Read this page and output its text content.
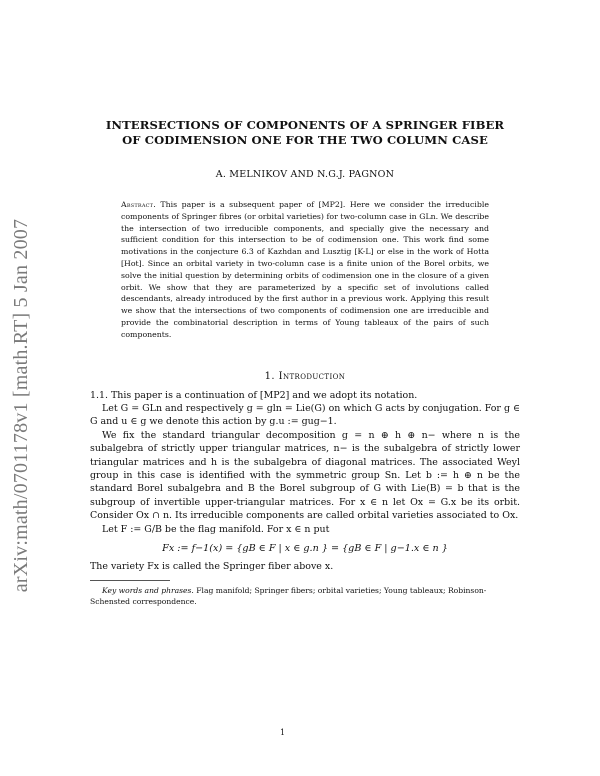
arXiv:math/0701178v1 [math.RT] 5 Jan 2007
INTERSECTIONS OF COMPONENTS OF A SPRINGER FIBER
OF CODIMENSION ONE FOR THE TWO COLUMN CASE
A. MELNIKOV AND N.G.J. PAGNON
Abstract. This paper is a subsequent paper of [MP2]. Here we consider the irreducible components of Springer fibres (or orbital varieties) for two-column case in GLn. We describe the intersection of two irreducible components, and specially give the necessary and sufficient condition for this intersection to be of codimension one. This work find some motivations in the conjecture 6.3 of Kazhdan and Lusztig [K-L] or else in the work of Hotta [Hot]. Since an orbital variety in two-column case is a finite union of the Borel orbits, we solve the initial question by determining orbits of codimension one in the closure of a given orbit. We show that they are parameterized by a specific set of involutions called descendants, already introduced by the first author in a previous work. Applying this result we show that the intersections of two components of codimension one are irreducible and provide the combinatorial description in terms of Young tableaux of the pairs of such components.
1. Introduction

1.1. This paper is a continuation of [MP2] and we adopt its notation.

Let G = GLn and respectively g = gln = Lie(G) on which G acts by conjugation. For g ∈ G and u ∈ g we denote this action by g.u := gug−1.

We fix the standard triangular decomposition g = n ⊕ h ⊕ n− where n is the subalgebra of strictly upper triangular matrices, n− is the subalgebra of strictly lower triangular matrices and h is the subalgebra of diagonal matrices. The associated Weyl group in this case is identified with the symmetric group Sn. Let b := h ⊕ n be the standard Borel subalgebra and B the Borel subgroup of G with Lie(B) = b that is the subgroup of invertible upper-triangular matrices. For x ∈ n let Ox = G.x be its orbit. Consider Ox ∩ n. Its irreducible components are called orbital varieties associated to Ox.

Let F := G/B be the flag manifold. For x ∈ n put

Fx := f−1(x) = {gB ∈ F | x ∈ g.n } = {gB ∈ F | g−1.x ∈ n }

The variety Fx is called the Springer fiber above x.

Key words and phrases. Flag manifold; Springer fibers; orbital varieties; Young tableaux; Robinson-Schensted correspondence.
1
